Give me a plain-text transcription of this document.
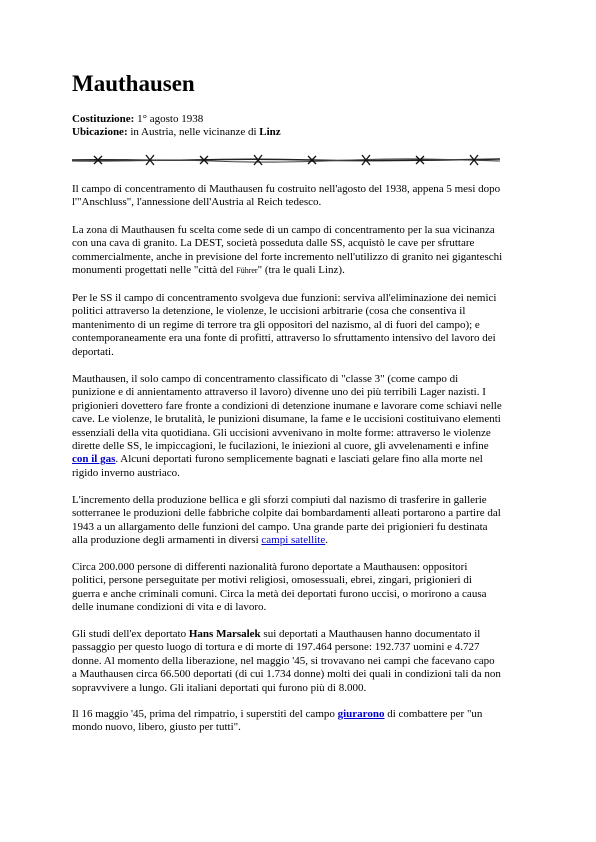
Mauthausen
Costituzione: 1° agosto 1938
Ubicazione: in Austria, nelle vicinanze di Linz
Il campo di concentramento di Mauthausen fu costruito nell'agosto del 1938, appena 5 mesi dopo
l'"Anschluss", l'annessione dell'Austria al Reich tedesco.
La zona di Mauthausen fu scelta come sede di un campo di concentramento per la sua vicinanza
con una cava di granito. La DEST, società posseduta dalle SS, acquistò le cave per sfruttare
commercialmente, anche in previsione del forte incremento nell'utilizzo di granito nei giganteschi
monumenti progettati nelle "città del Führer" (tra le quali Linz).
Per le SS il campo di concentramento svolgeva due funzioni: serviva all'eliminazione dei nemici
politici attraverso la detenzione, le violenze, le uccisioni arbitrarie (cosa che consentiva il
mantenimento di un regime di terrore tra gli oppositori del nazismo, al di fuori del campo); e
contemporaneamente era una fonte di profitti, attraverso lo sfruttamento intensivo del lavoro dei
deportati.
Mauthausen, il solo campo di concentramento classificato di "classe 3" (come campo di
punizione e di annientamento attraverso il lavoro) divenne uno dei più terribili Lager nazisti. I
prigionieri dovettero fare fronte a condizioni di detenzione inumane e lavorare come schiavi nelle
cave. Le violenze, le brutalità, le punizioni disumane, la fame e le uccisioni costituivano elementi
essenziali della vita quotidiana. Gli uccisioni avvenivano in molte forme: attraverso le violenze
dirette delle SS, le impiccagioni, le fucilazioni, le iniezioni al cuore, gli avvelenamenti e infine
con il gas. Alcuni deportati furono semplicemente bagnati e lasciati gelare fino alla morte nel
rigido inverno austriaco.
L'incremento della produzione bellica e gli sforzi compiuti dal nazismo di trasferire in gallerie
sotterranee le produzioni delle fabbriche colpite dai bombardamenti alleati portarono a partire dal
1943 a un allargamento delle funzioni del campo. Una grande parte dei prigionieri fu destinata
alla produzione degli armamenti in diversi campi satellite.
Circa 200.000 persone di differenti nazionalità furono deportate a Mauthausen: oppositori
politici, persone perseguitate per motivi religiosi, omosessuali, ebrei, zingari, prigionieri di
guerra e anche criminali comuni. Circa la metà dei deportati furono uccisi, o morirono a causa
delle inumane condizioni di vita e di lavoro.
Gli studi dell'ex deportato Hans Marsalek sui deportati a Mauthausen hanno documentato il
passaggio per questo luogo di tortura e di morte di 197.464 persone: 192.737 uomini e 4.727
donne. Al momento della liberazione, nel maggio '45, si trovavano nei campi che facevano capo
a Mauthausen circa 66.500 deportati (di cui 1.734 donne) molti dei quali in condizioni tali da non
sopravvivere a lungo. Gli italiani deportati qui furono più di 8.000.
Il 16 maggio '45, prima del rimpatrio, i superstiti del campo giurarono di combattere per "un
mondo nuovo, libero, giusto per tutti".
